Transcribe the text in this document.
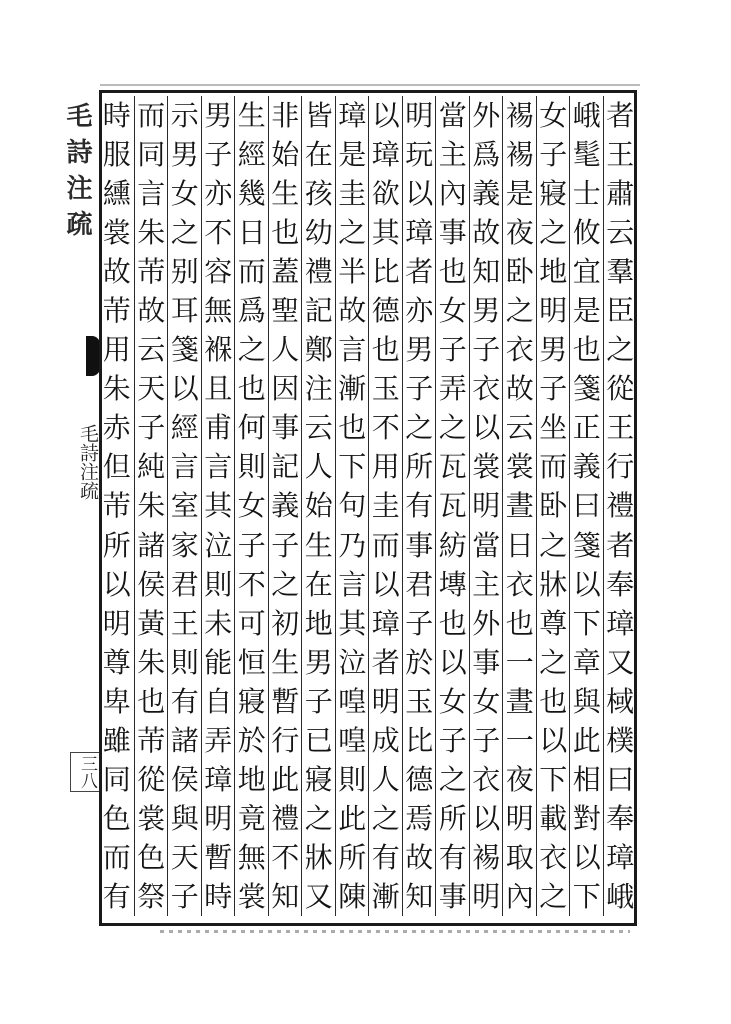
毛詩注疏
毛詩注疏
三八
者
王
肅
云
羣
臣
之
從
王
行
禮
者
奉
璋
又
棫
樸
曰
奉
璋
峨
峨
髦
士
攸
宜
是
也
箋
正
義
曰
箋
以
下
章
與
此
相
對
以
下
女
子
寢
之
地
明
男
子
坐
而
卧
之
牀
尊
之
也
以
下
載
衣
之
裼
裼
是
夜
卧
之
衣
故
云
裳
晝
日
衣
也
一
晝
一
夜
明
取
內
外
爲
義
故
知
男
子
衣
以
裳
明
當
主
外
事
女
子
衣
以
裼
明
當
主
內
事
也
女
子
弄
之
瓦
瓦
紡
塼
也
以
女
子
之
所
有
事
明
玩
以
璋
者
亦
男
子
之
所
有
事
君
子
於
玉
比
德
焉
故
知
以
璋
欲
其
比
德
也
玉
不
用
圭
而
以
璋
者
明
成
人
之
有
漸
璋
是
圭
之
半
故
言
漸
也
下
句
乃
言
其
泣
喤
喤
則
此
所
陳
皆
在
孩
幼
禮
記
鄭
注
云
人
始
生
在
地
男
子
已
寢
之
牀
又
非
始
生
也
蓋
聖
人
因
事
記
義
子
之
初
生
暫
行
此
禮
不
知
生
經
幾
日
而
爲
之
也
何
則
女
子
不
可
恒
寢
於
地
竟
無
裳
男
子
亦
不
容
無
褓
且
甫
言
其
泣
則
未
能
自
弄
璋
明
暫
時
示
男
女
之
别
耳
箋
以
經
言
室
家
君
王
則
有
諸
侯
與
天
子
而
同
言
朱
芾
故
云
天
子
純
朱
諸
侯
黃
朱
也
芾
從
裳
色
祭
時
服
纁
裳
故
芾
用
朱
赤
但
芾
所
以
明
尊
卑
雖
同
色
而
有
